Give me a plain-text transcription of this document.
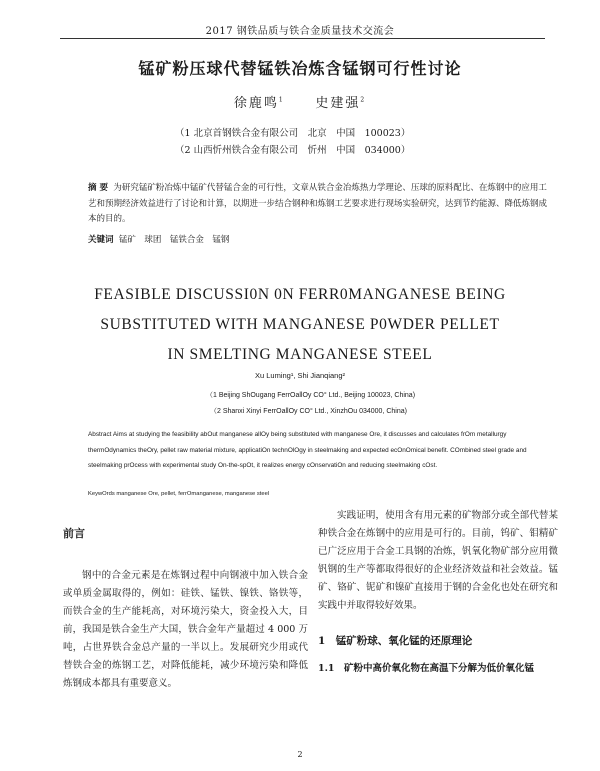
2017 钢铁品质与铁合金质量技术交流会
锰矿粉压球代替锰铁冶炼含锰钢可行性讨论
徐鹿鸣$^1$ 史建强$^2$
（1 北京首钢铁合金有限公司　北京　中国　100023）
（2 山西忻州铁合金有限公司　忻州　中国　034000）
摘 要 为研究锰矿粉冶炼中锰矿代替锰合金的可行性，文章从铁合金冶炼热力学理论、压球的原料配比、在炼钢中的应用工艺和预期经济效益进行了讨论和计算，以期进一步结合钢种和炼钢工艺要求进行现场实验研究，达到节约能源、降低炼钢成本的目的。
关键词 锰矿　球团　锰铁合金　锰钢
FEASIBLE DISCUSSI0N 0N FERR0MANGANESE BEING
SUBSTITUTED WITH MANGANESE P0WDER PELLET
IN SMELTING MANGANESE STEEL
Xu Luming¹, Shi Jianqiang²
（1 Beijing ShOugang FerrOallOy CO° Ltd., Beijing 100023, China)
（2 Shanxi Xinyi FerrOallOy CO° Ltd., XinzhOu 034000, China)
Abstract Aims at studying the feasibility abOut manganese allOy being substituted with manganese Ore, it discusses and calculates frOm metallurgy thermOdynamics theOry, pellet raw material mixture, applicatiOn technOlOgy in steelmaking and expected ecOnOmical benefit. COmbined steel grade and steelmaking prOcess with experimental study On-the-spOt, it realizes energy cOnservatiOn and reducing steelmaking cOst.
KeywOrds manganese Ore, pellet, ferrOmanganese, manganese steel

前言

钢中的合金元素是在炼钢过程中向钢液中加入铁合金或单质金属取得的，例如：硅铁、锰铁、镍铁、铬铁等，而铁合金的生产能耗高，对环境污染大，资金投入大，目前，我国是铁合金生产大国，铁合金年产量超过 4 000 万吨，占世界铁合金总产量的一半以上。发展研究少用或代替铁合金的炼钢工艺，对降低能耗，减少环境污染和降低炼钢成本都具有重要意义。

实践证明，使用含有用元素的矿物部分或全部代替某种铁合金在炼钢中的应用是可行的。目前，钨矿、钼精矿已广泛应用于合金工具钢的冶炼，钒氧化物矿部分应用微钒钢的生产等都取得很好的企业经济效益和社会效益。锰矿、铬矿、铌矿和镍矿直接用于钢的合金化也处在研究和实践中并取得较好效果。

1　锰矿粉球、氧化锰的还原理论

1.1　矿粉中高价氧化物在高温下分解为低价氧化锰

2
